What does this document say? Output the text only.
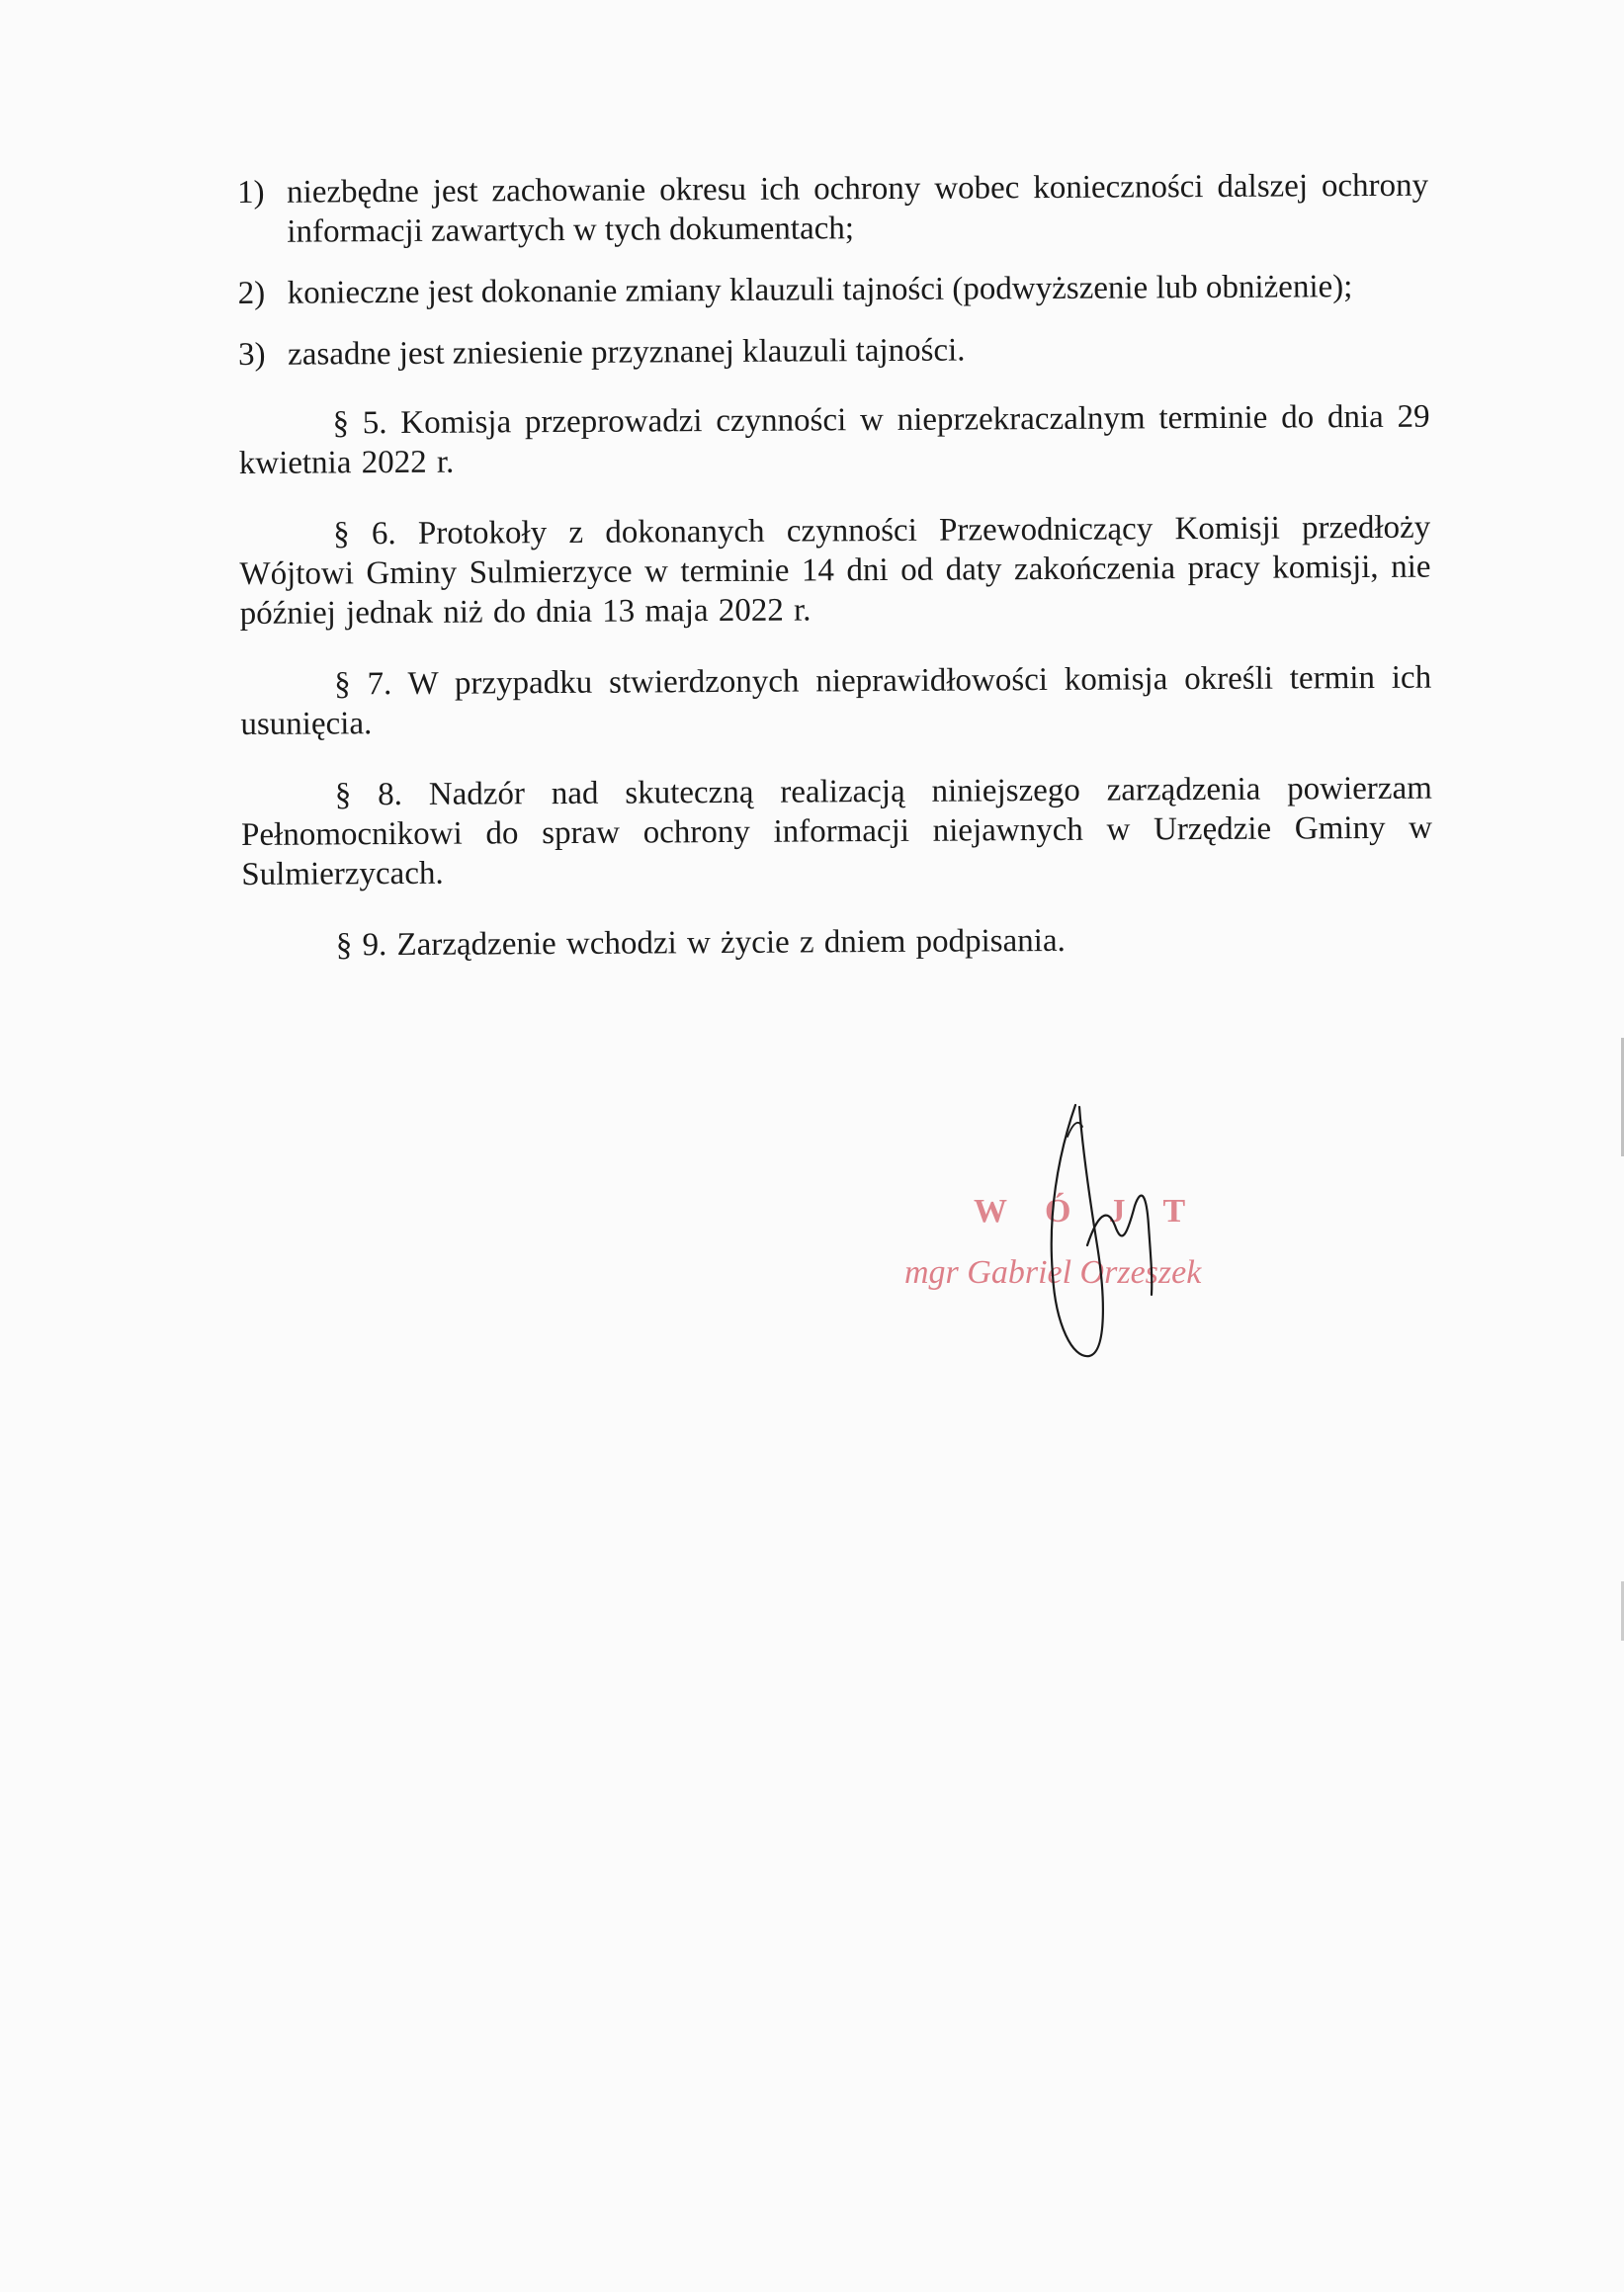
1) niezbędne jest zachowanie okresu ich ochrony wobec konieczności dalszej ochrony informacji zawartych w tych dokumentach;
2) konieczne jest dokonanie zmiany klauzuli tajności (podwyższenie lub obniżenie);
3) zasadne jest zniesienie przyznanej klauzuli tajności.

§ 5. Komisja przeprowadzi czynności w nieprzekraczalnym terminie do dnia 29 kwietnia 2022 r.

§ 6. Protokoły z dokonanych czynności Przewodniczący Komisji przedłoży Wójtowi Gminy Sulmierzyce w terminie 14 dni od daty zakończenia pracy komisji, nie później jednak niż do dnia 13 maja 2022 r.

§ 7. W przypadku stwierdzonych nieprawidłowości komisja określi termin ich usunięcia.

§ 8. Nadzór nad skuteczną realizacją niniejszego zarządzenia powierzam Pełnomocnikowi do spraw ochrony informacji niejawnych w Urzędzie Gminy w Sulmierzycach.

§ 9. Zarządzenie wchodzi w życie z dniem podpisania.

WÓJT
mgr Gabriel Orzeszek
